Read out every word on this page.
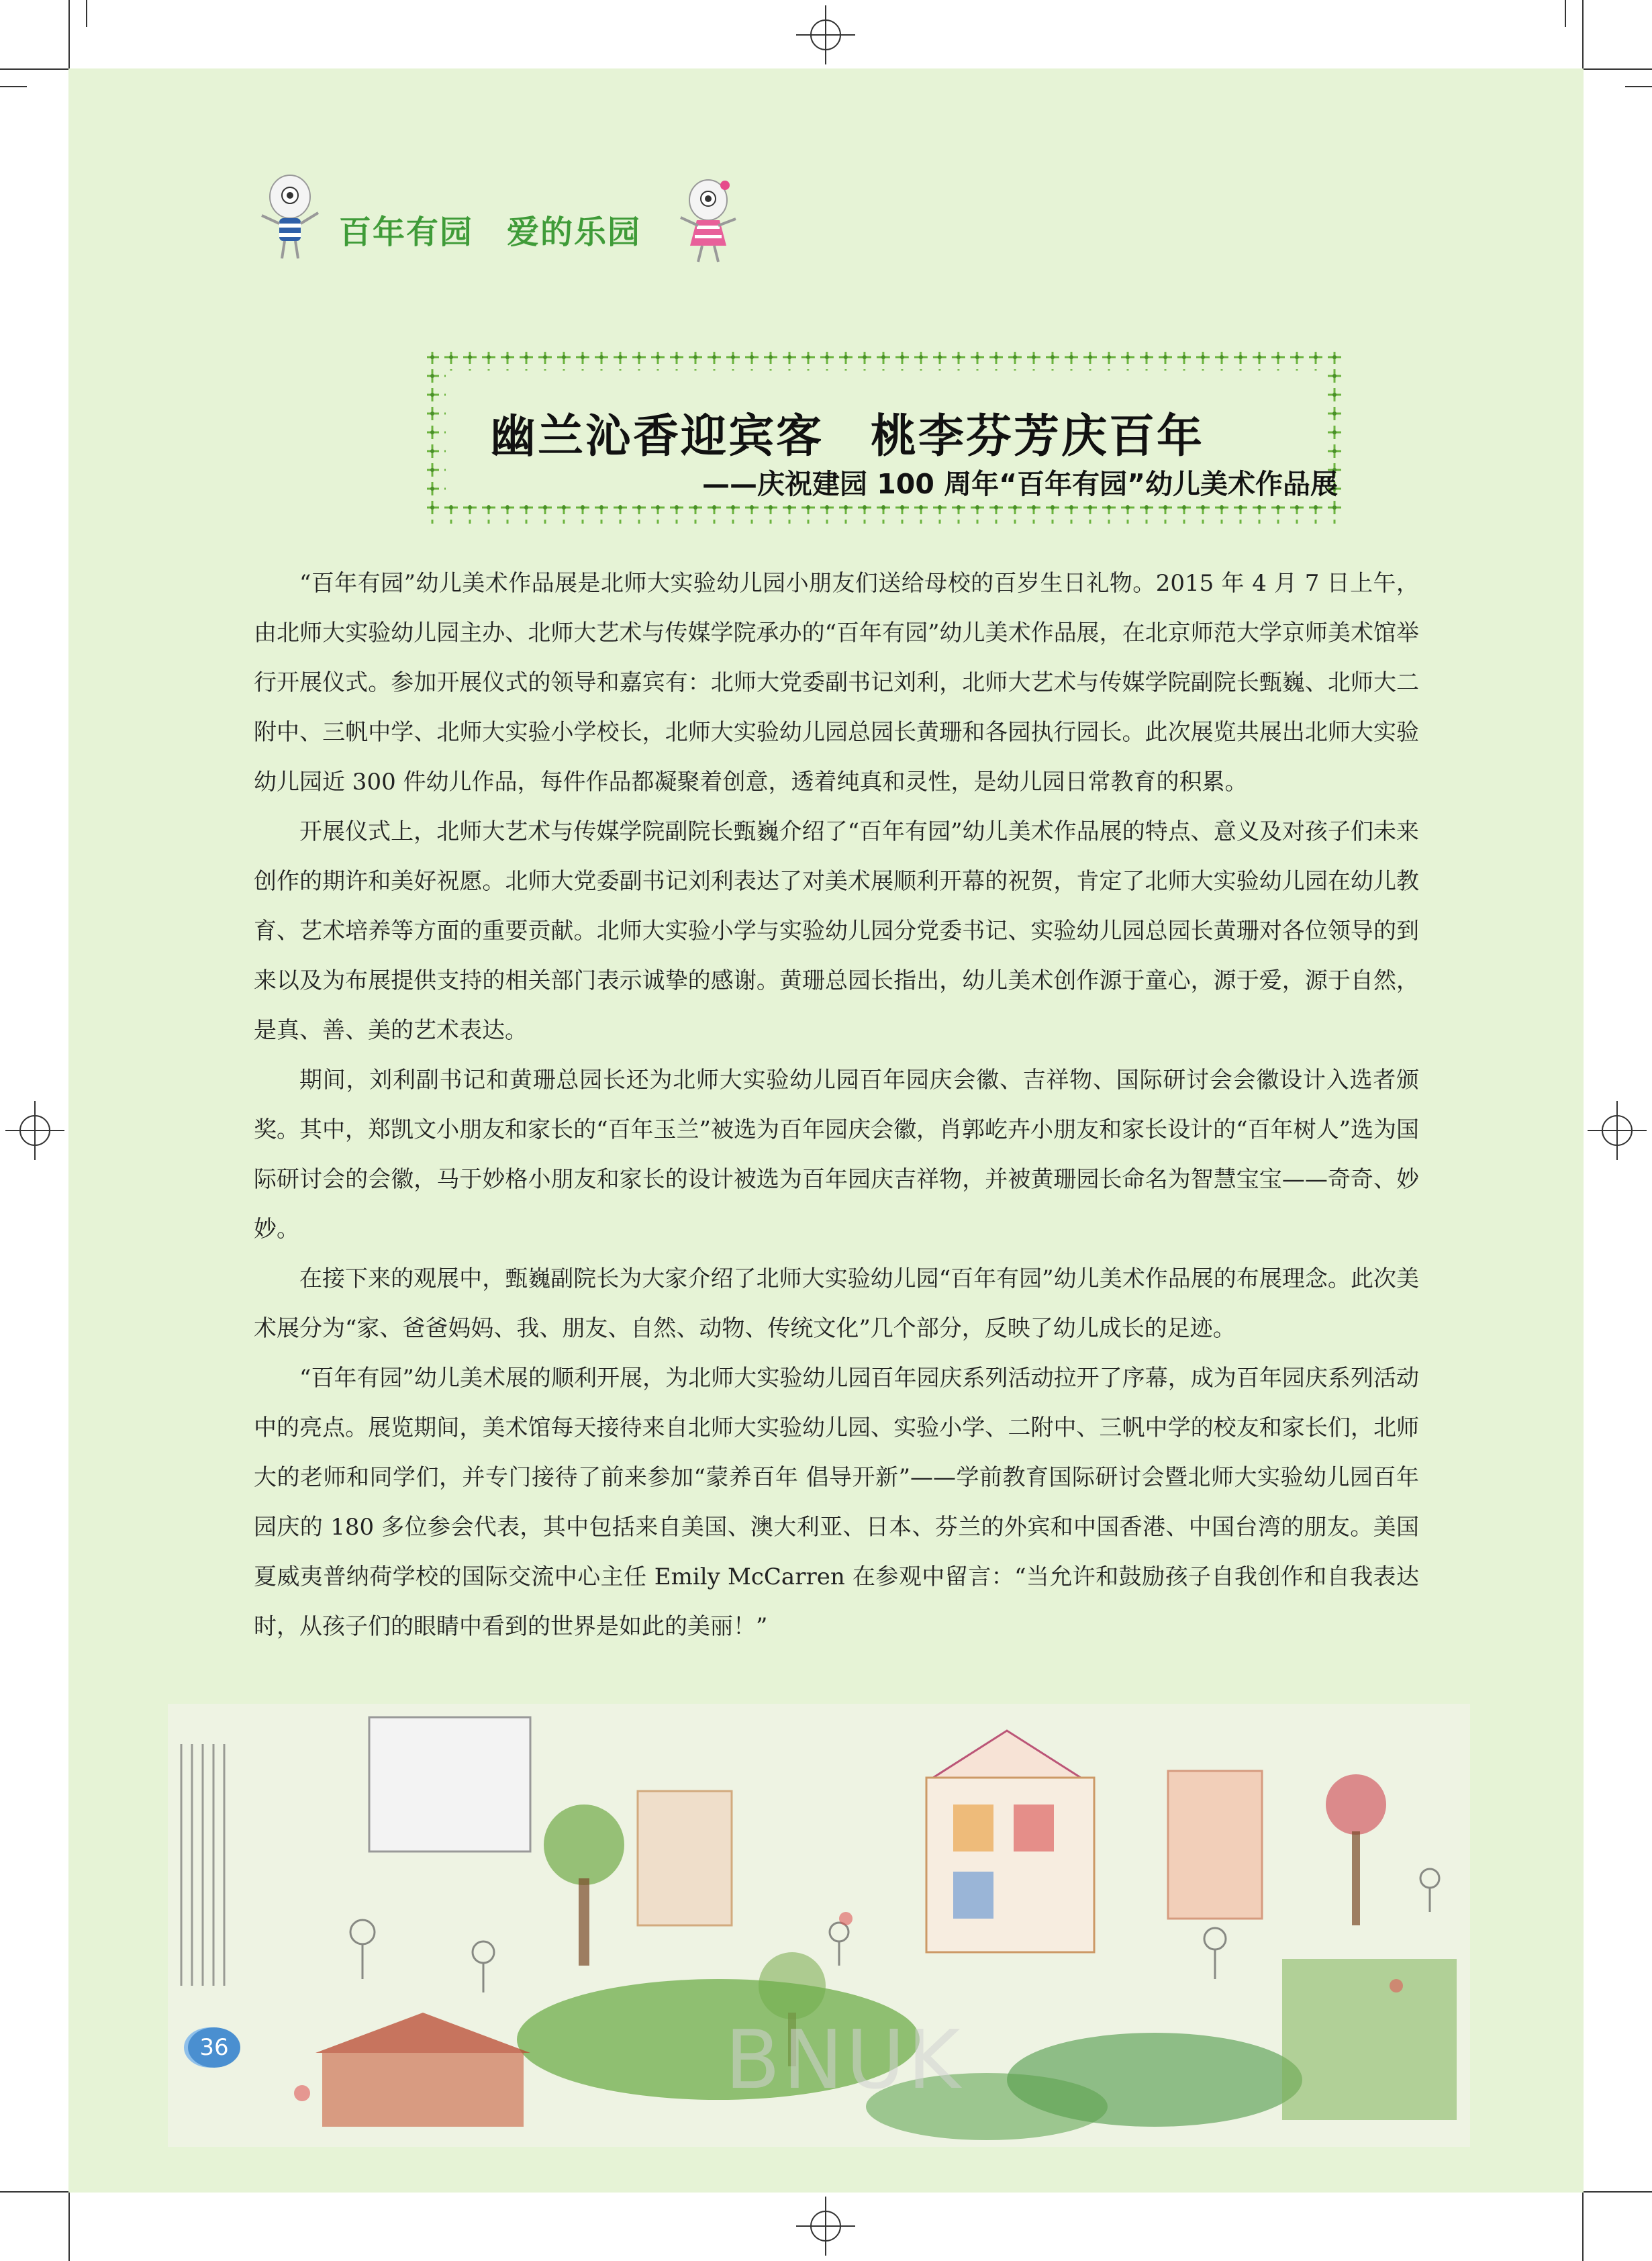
百年有园 爱的乐园
幽兰沁香迎宾客 桃李芬芳庆百年
——庆祝建园 100 周年“百年有园”幼儿美术作品展

“百年有园”幼儿美术作品展是北师大实验幼儿园小朋友们送给母校的百岁生日礼物。2015 年 4 月 7 日上午，由北师大实验幼儿园主办、北师大艺术与传媒学院承办的“百年有园”幼儿美术作品展，在北京师范大学京师美术馆举行开展仪式。参加开展仪式的领导和嘉宾有：北师大党委副书记刘利，北师大艺术与传媒学院副院长甄巍、北师大二附中、三帆中学、北师大实验小学校长，北师大实验幼儿园总园长黄珊和各园执行园长。此次展览共展出北师大实验幼儿园近 300 件幼儿作品，每件作品都凝聚着创意，透着纯真和灵性，是幼儿园日常教育的积累。

开展仪式上，北师大艺术与传媒学院副院长甄巍介绍了“百年有园”幼儿美术作品展的特点、意义及对孩子们未来创作的期许和美好祝愿。北师大党委副书记刘利表达了对美术展顺利开幕的祝贺，肯定了北师大实验幼儿园在幼儿教育、艺术培养等方面的重要贡献。北师大实验小学与实验幼儿园分党委书记、实验幼儿园总园长黄珊对各位领导的到来以及为布展提供支持的相关部门表示诚挚的感谢。黄珊总园长指出，幼儿美术创作源于童心，源于爱，源于自然，是真、善、美的艺术表达。

期间，刘利副书记和黄珊总园长还为北师大实验幼儿园百年园庆会徽、吉祥物、国际研讨会会徽设计入选者颁奖。其中，郑凯文小朋友和家长的“百年玉兰”被选为百年园庆会徽，肖郭屹卉小朋友和家长设计的“百年树人”选为国际研讨会的会徽，马于妙格小朋友和家长的设计被选为百年园庆吉祥物，并被黄珊园长命名为智慧宝宝——奇奇、妙妙。

在接下来的观展中，甄巍副院长为大家介绍了北师大实验幼儿园“百年有园”幼儿美术作品展的布展理念。此次美术展分为“家、爸爸妈妈、我、朋友、自然、动物、传统文化”几个部分，反映了幼儿成长的足迹。

“百年有园”幼儿美术展的顺利开展，为北师大实验幼儿园百年园庆系列活动拉开了序幕，成为百年园庆系列活动中的亮点。展览期间，美术馆每天接待来自北师大实验幼儿园、实验小学、二附中、三帆中学的校友和家长们，北师大的老师和同学们，并专门接待了前来参加“蒙养百年 倡导开新”——学前教育国际研讨会暨北师大实验幼儿园百年园庆的 180 多位参会代表，其中包括来自美国、澳大利亚、日本、芬兰的外宾和中国香港、中国台湾的朋友。美国夏威夷普纳荷学校的国际交流中心主任 Emily McCarren 在参观中留言：“当允许和鼓励孩子自我创作和自我表达时，从孩子们的眼睛中看到的世界是如此的美丽！”

36	BNUK
